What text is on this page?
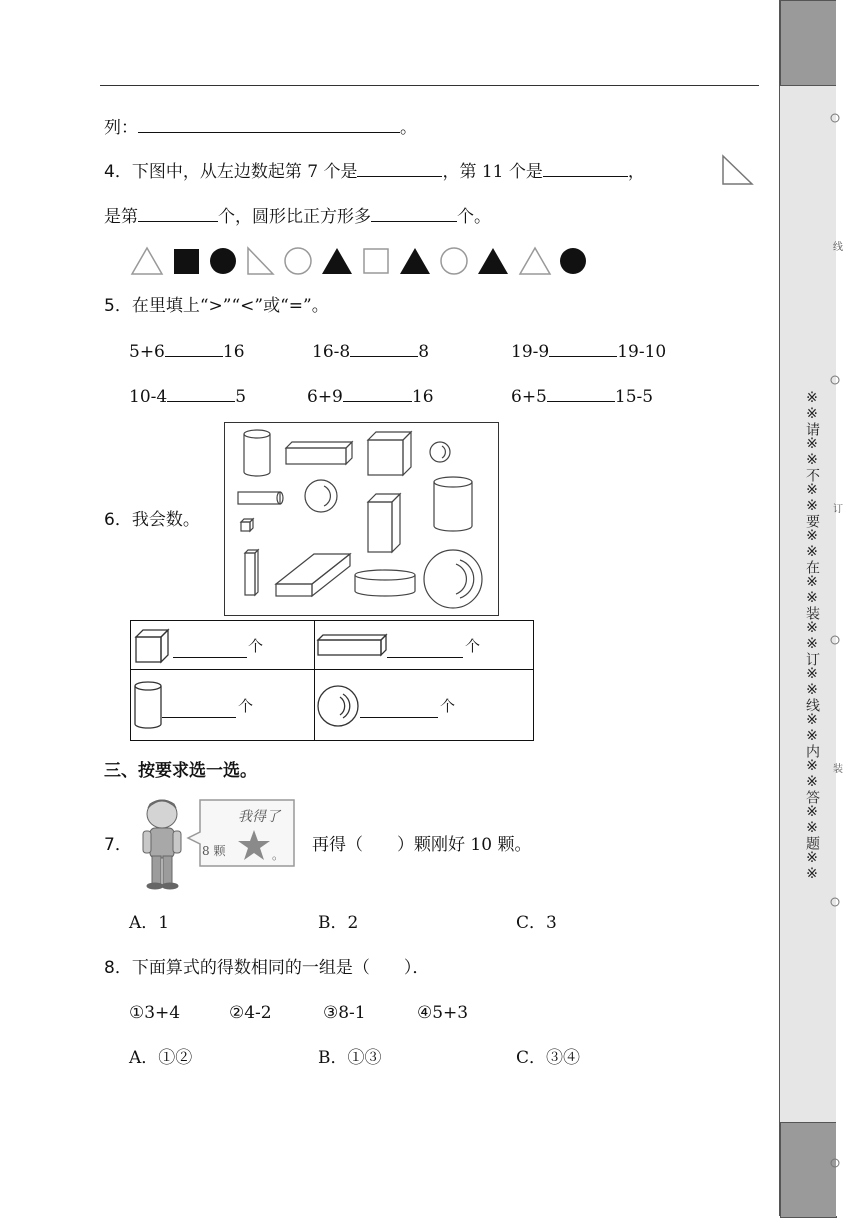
列：	。
4．下图中，从左边数起第 7 个是	，第 11 个是	，
是第	个，圆形比正方形多	个。
5．在里填上“>”“<”或“=”。
5+6	16	16-8	8	19-9	19-10
10-4	5	6+9	16	6+5	15-5
6．我会数。
个	个

个	个
三、按要求选一选。
7．
我得了
8 颗	。 再得（　　）颗刚好 10 颗。
A．1	B．2	C．3
8．下面算式的得数相同的一组是（　　）．
①3+4	②4-2	③8-1	④5+3
A．①②	B．①③	C．③④
线
订
装
※※请※※不※※要※※在※※装※※订※※线※※内※※答※※题※※
